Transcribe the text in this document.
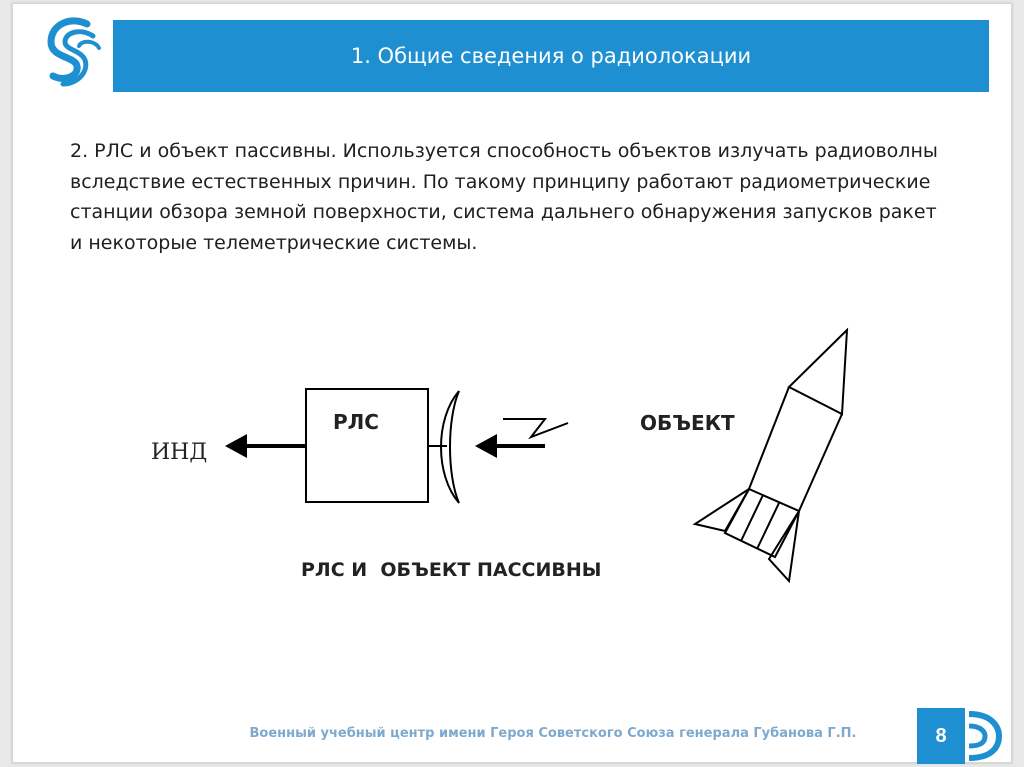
1. Общие сведения о радиолокации
2. РЛС и объект пассивны. Используется способность объектов излучать радиоволны вследствие естественных причин. По такому принципу работают радиометрические станции обзора земной поверхности, система дальнего обнаружения запусков ракет и некоторые телеметрические системы.
ИНД
РЛС	ОБЪЕКТ
РЛС И  ОБЪЕКТ ПАССИВНЫ
Военный учебный центр имени Героя Советского Союза генерала Губанова Г.П.	8
